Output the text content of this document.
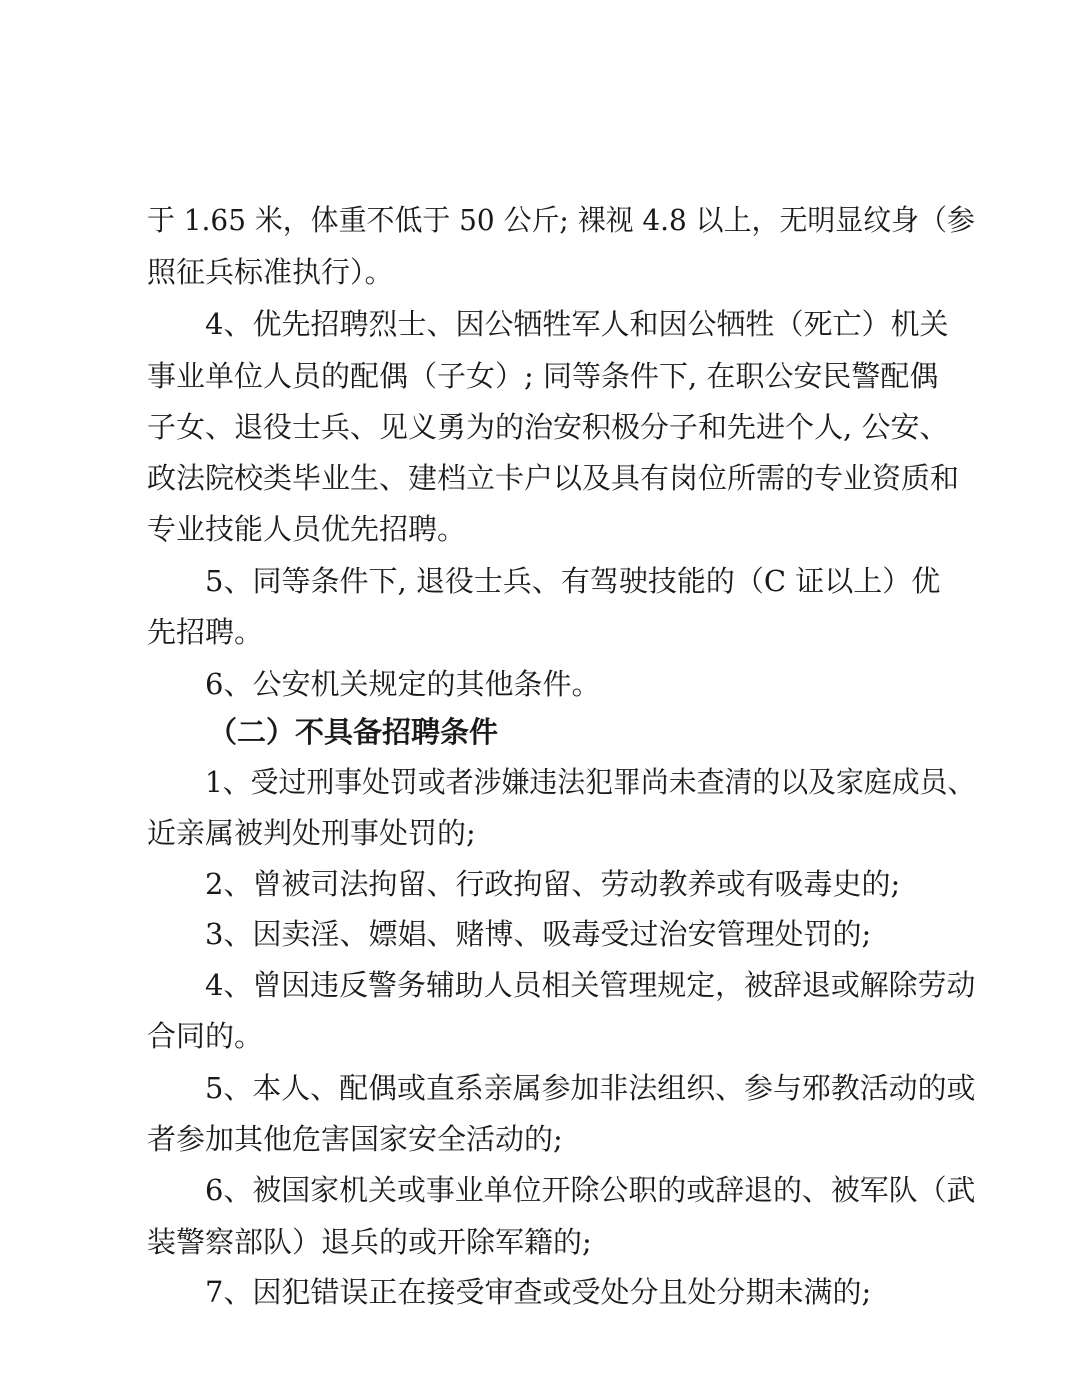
于 1.65 米，体重不低于 50 公斤; 裸视 4.8 以上，无明显纹身（参
照征兵标准执行）。
4、优先招聘烈士、因公牺牲军人和因公牺牲（死亡）机关
事业单位人员的配偶（子女）; 同等条件下, 在职公安民警配偶
子女、退役士兵、见义勇为的治安积极分子和先进个人, 公安、
政法院校类毕业生、建档立卡户以及具有岗位所需的专业资质和
专业技能人员优先招聘。
5、同等条件下, 退役士兵、有驾驶技能的（C 证以上）优
先招聘。
6、公安机关规定的其他条件。
（二）不具备招聘条件
1、受过刑事处罚或者涉嫌违法犯罪尚未查清的以及家庭成员、
近亲属被判处刑事处罚的;
2、曾被司法拘留、行政拘留、劳动教养或有吸毒史的;
3、因卖淫、嫖娼、赌博、吸毒受过治安管理处罚的;
4、曾因违反警务辅助人员相关管理规定，被辞退或解除劳动
合同的。
5、本人、配偶或直系亲属参加非法组织、参与邪教活动的或
者参加其他危害国家安全活动的;
6、被国家机关或事业单位开除公职的或辞退的、被军队（武
装警察部队）退兵的或开除军籍的;
7、因犯错误正在接受审查或受处分且处分期未满的;
